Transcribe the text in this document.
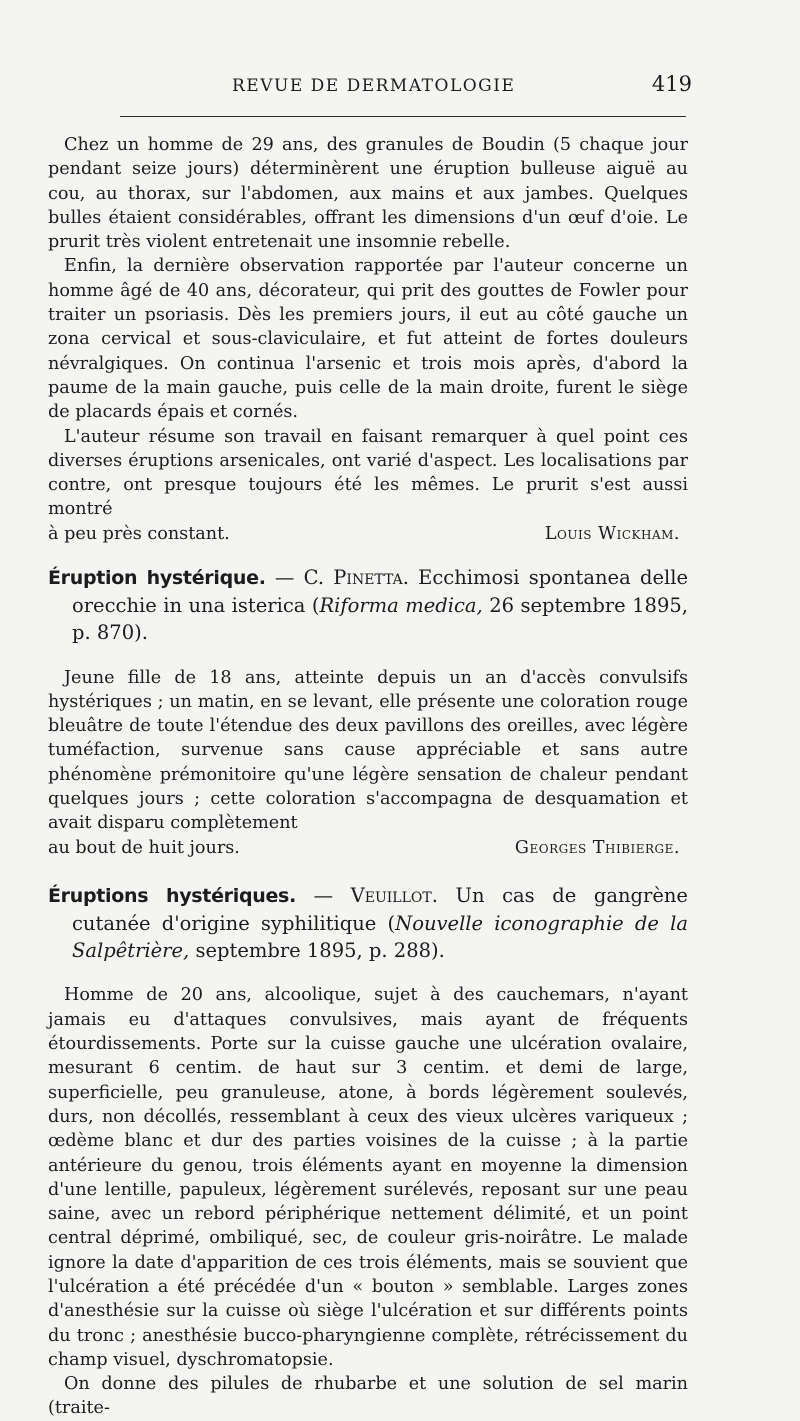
REVUE DE DERMATOLOGIE	419

Chez un homme de 29 ans, des granules de Boudin (5 chaque jour pendant seize jours) déterminèrent une éruption bulleuse aiguë au cou, au thorax, sur l'abdomen, aux mains et aux jambes. Quelques bulles étaient considérables, offrant les dimensions d'un œuf d'oie. Le prurit très violent entretenait une insomnie rebelle.

Enfin, la dernière observation rapportée par l'auteur concerne un homme âgé de 40 ans, décorateur, qui prit des gouttes de Fowler pour traiter un psoriasis. Dès les premiers jours, il eut au côté gauche un zona cervical et sous-claviculaire, et fut atteint de fortes douleurs névralgiques. On continua l'arsenic et trois mois après, d'abord la paume de la main gauche, puis celle de la main droite, furent le siège de placards épais et cornés.

L'auteur résume son travail en faisant remarquer à quel point ces diverses éruptions arsenicales, ont varié d'aspect. Les localisations par contre, ont presque toujours été les mêmes. Le prurit s'est aussi montré

à peu près constant.	Louis Wickham.

Éruption hystérique. — C. Pinetta. Ecchimosi spontanea delle orecchie in una isterica (Riforma medica, 26 septembre 1895, p. 870).

Jeune fille de 18 ans, atteinte depuis un an d'accès convulsifs hystériques ; un matin, en se levant, elle présente une coloration rouge bleuâtre de toute l'étendue des deux pavillons des oreilles, avec légère tuméfaction, survenue sans cause appréciable et sans autre phénomène prémonitoire qu'une légère sensation de chaleur pendant quelques jours ; cette coloration s'accompagna de desquamation et avait disparu complètement

au bout de huit jours.	Georges Thibierge.

Éruptions hystériques. — Veuillot. Un cas de gangrène cutanée d'origine syphilitique (Nouvelle iconographie de la Salpêtrière, septembre 1895, p. 288).

Homme de 20 ans, alcoolique, sujet à des cauchemars, n'ayant jamais eu d'attaques convulsives, mais ayant de fréquents étourdissements. Porte sur la cuisse gauche une ulcération ovalaire, mesurant 6 centim. de haut sur 3 centim. et demi de large, superficielle, peu granuleuse, atone, à bords légèrement soulevés, durs, non décollés, ressemblant à ceux des vieux ulcères variqueux ; œdème blanc et dur des parties voisines de la cuisse ; à la partie antérieure du genou, trois éléments ayant en moyenne la dimension d'une lentille, papuleux, légèrement surélevés, reposant sur une peau saine, avec un rebord périphérique nettement délimité, et un point central déprimé, ombiliqué, sec, de couleur gris-noirâtre. Le malade ignore la date d'apparition de ces trois éléments, mais se souvient que l'ulcération a été précédée d'un « bouton » semblable. Larges zones d'anesthésie sur la cuisse où siège l'ulcération et sur différents points du tronc ; anesthésie bucco-pharyngienne complète, rétrécissement du champ visuel, dyschromatopsie.

On donne des pilules de rhubarbe et une solution de sel marin (traite-
